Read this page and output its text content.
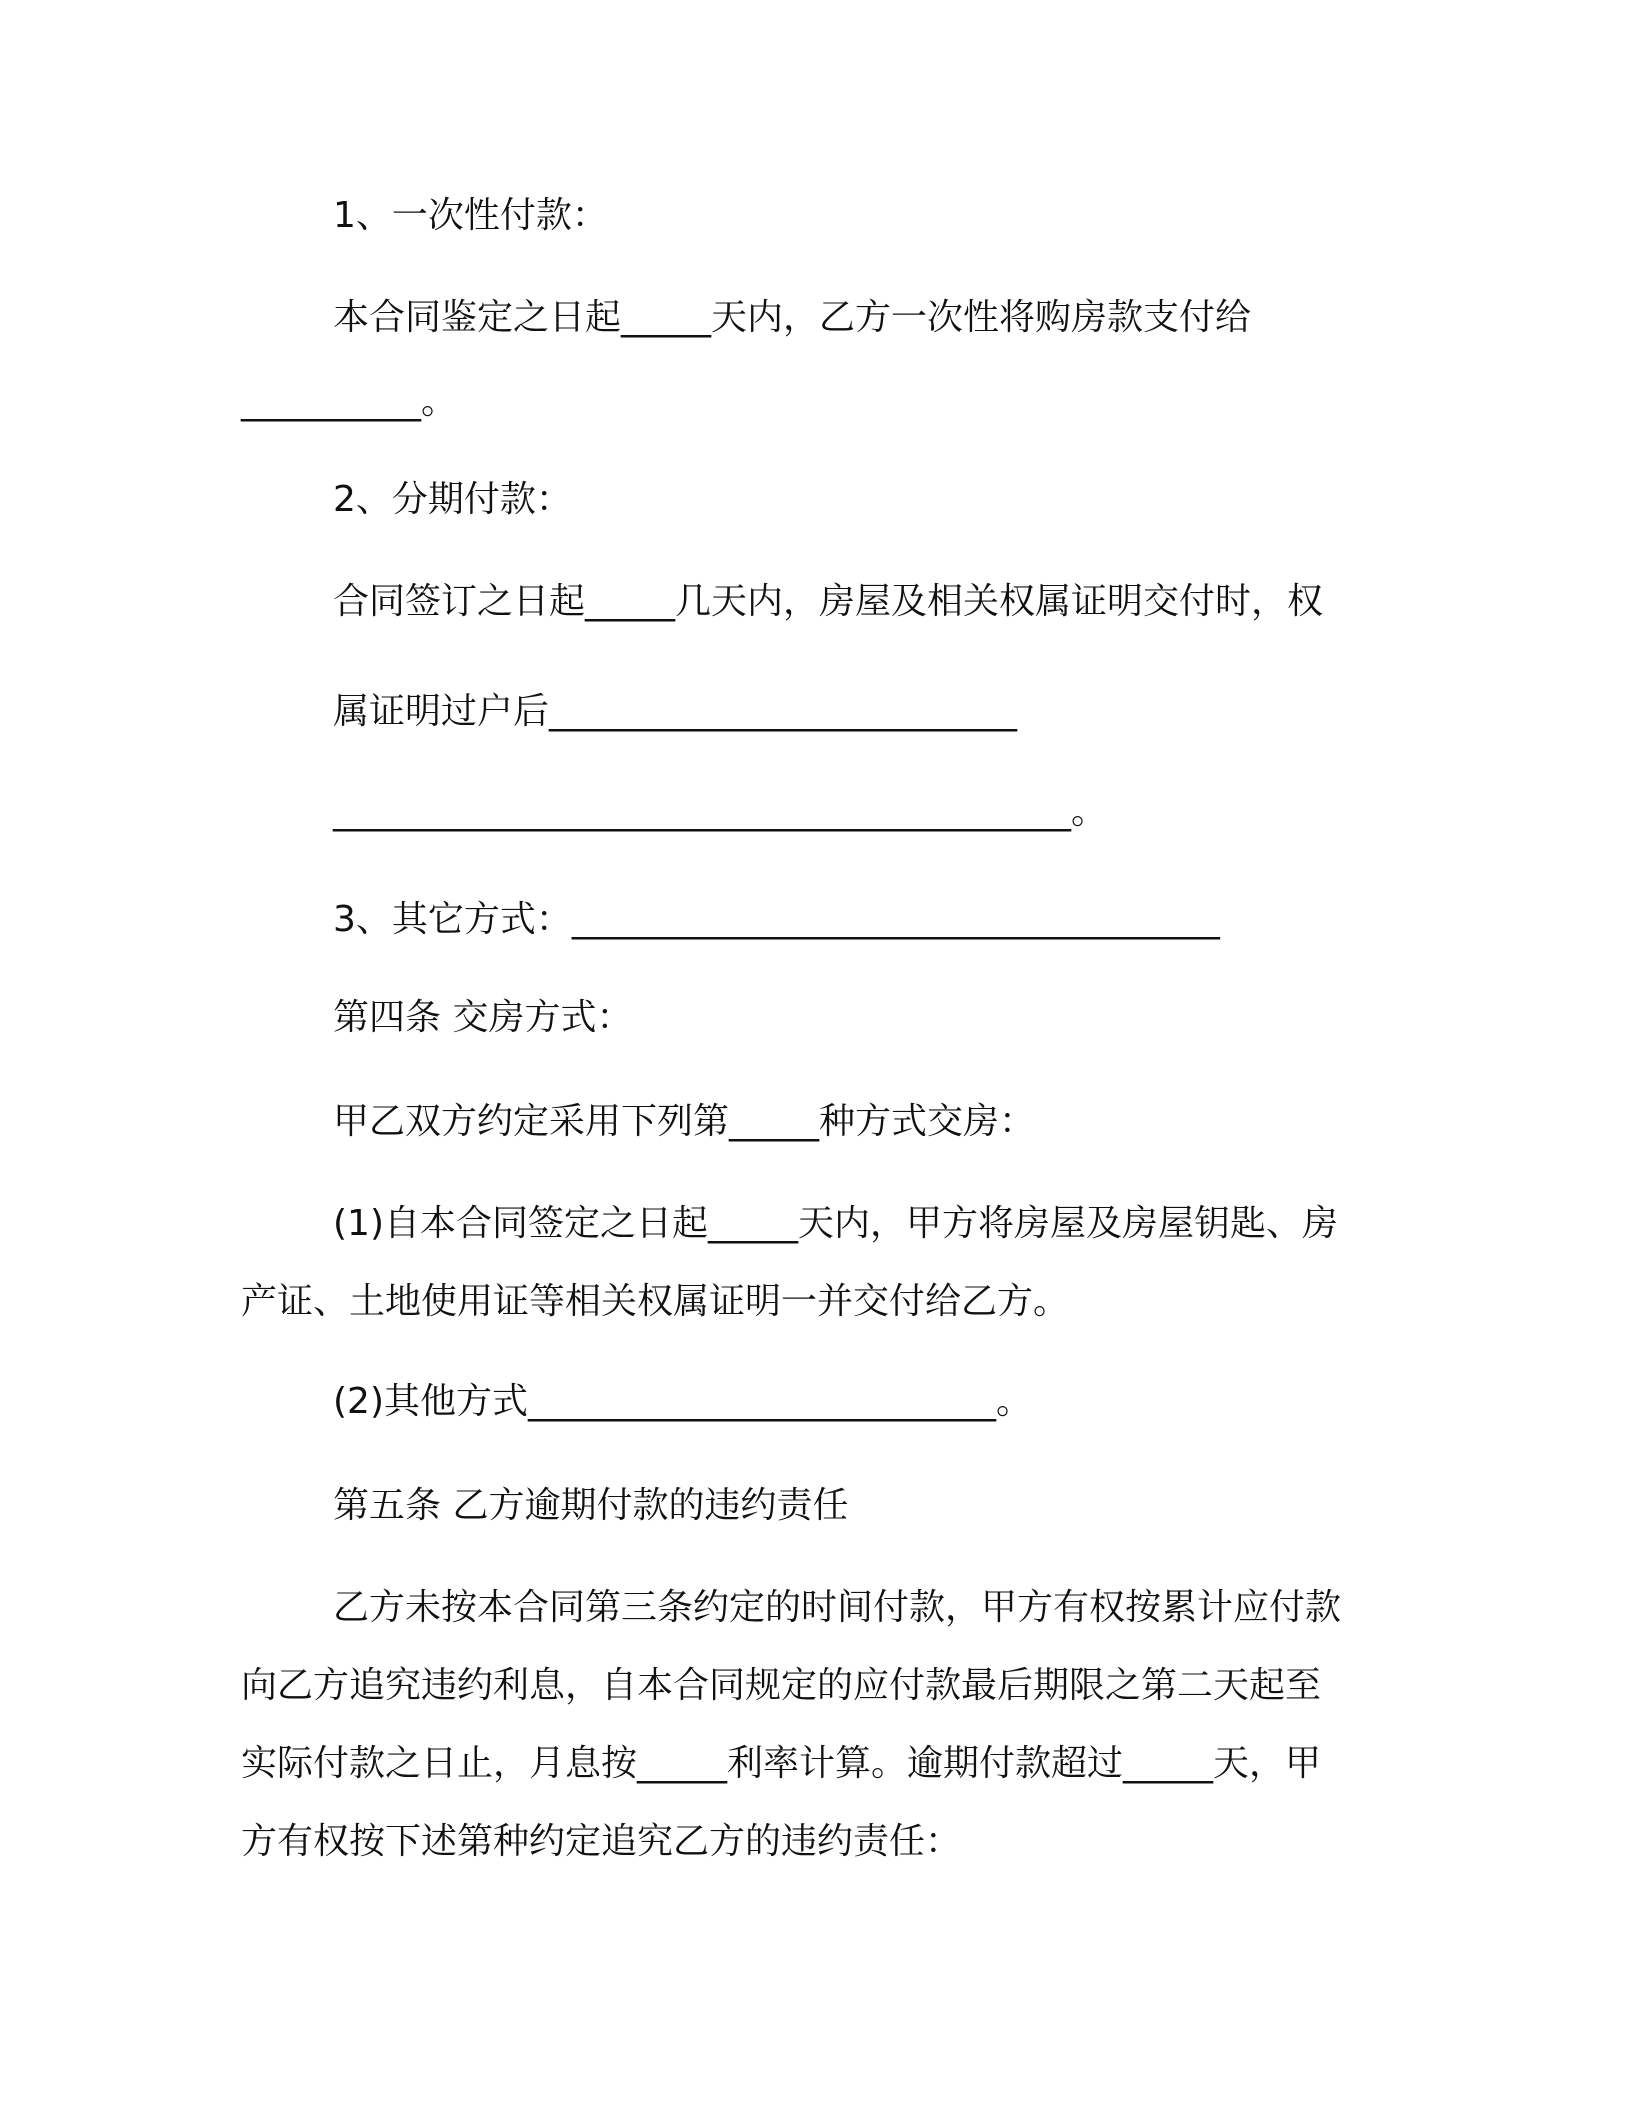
1、一次性付款：
本合同鉴定之日起_____天内，乙方一次性将购房款支付给
__________。
2、分期付款：
合同签订之日起_____几天内，房屋及相关权属证明交付时，权
属证明过户后__________________________
_________________________________________。
3、其它方式：____________________________________
第四条 交房方式：
甲乙双方约定采用下列第_____种方式交房：
(1)自本合同签定之日起_____天内，甲方将房屋及房屋钥匙、房
产证、土地使用证等相关权属证明一并交付给乙方。
(2)其他方式__________________________。
第五条 乙方逾期付款的违约责任
乙方未按本合同第三条约定的时间付款，甲方有权按累计应付款
向乙方追究违约利息，自本合同规定的应付款最后期限之第二天起至
实际付款之日止，月息按_____利率计算。逾期付款超过_____天，甲
方有权按下述第种约定追究乙方的违约责任：
